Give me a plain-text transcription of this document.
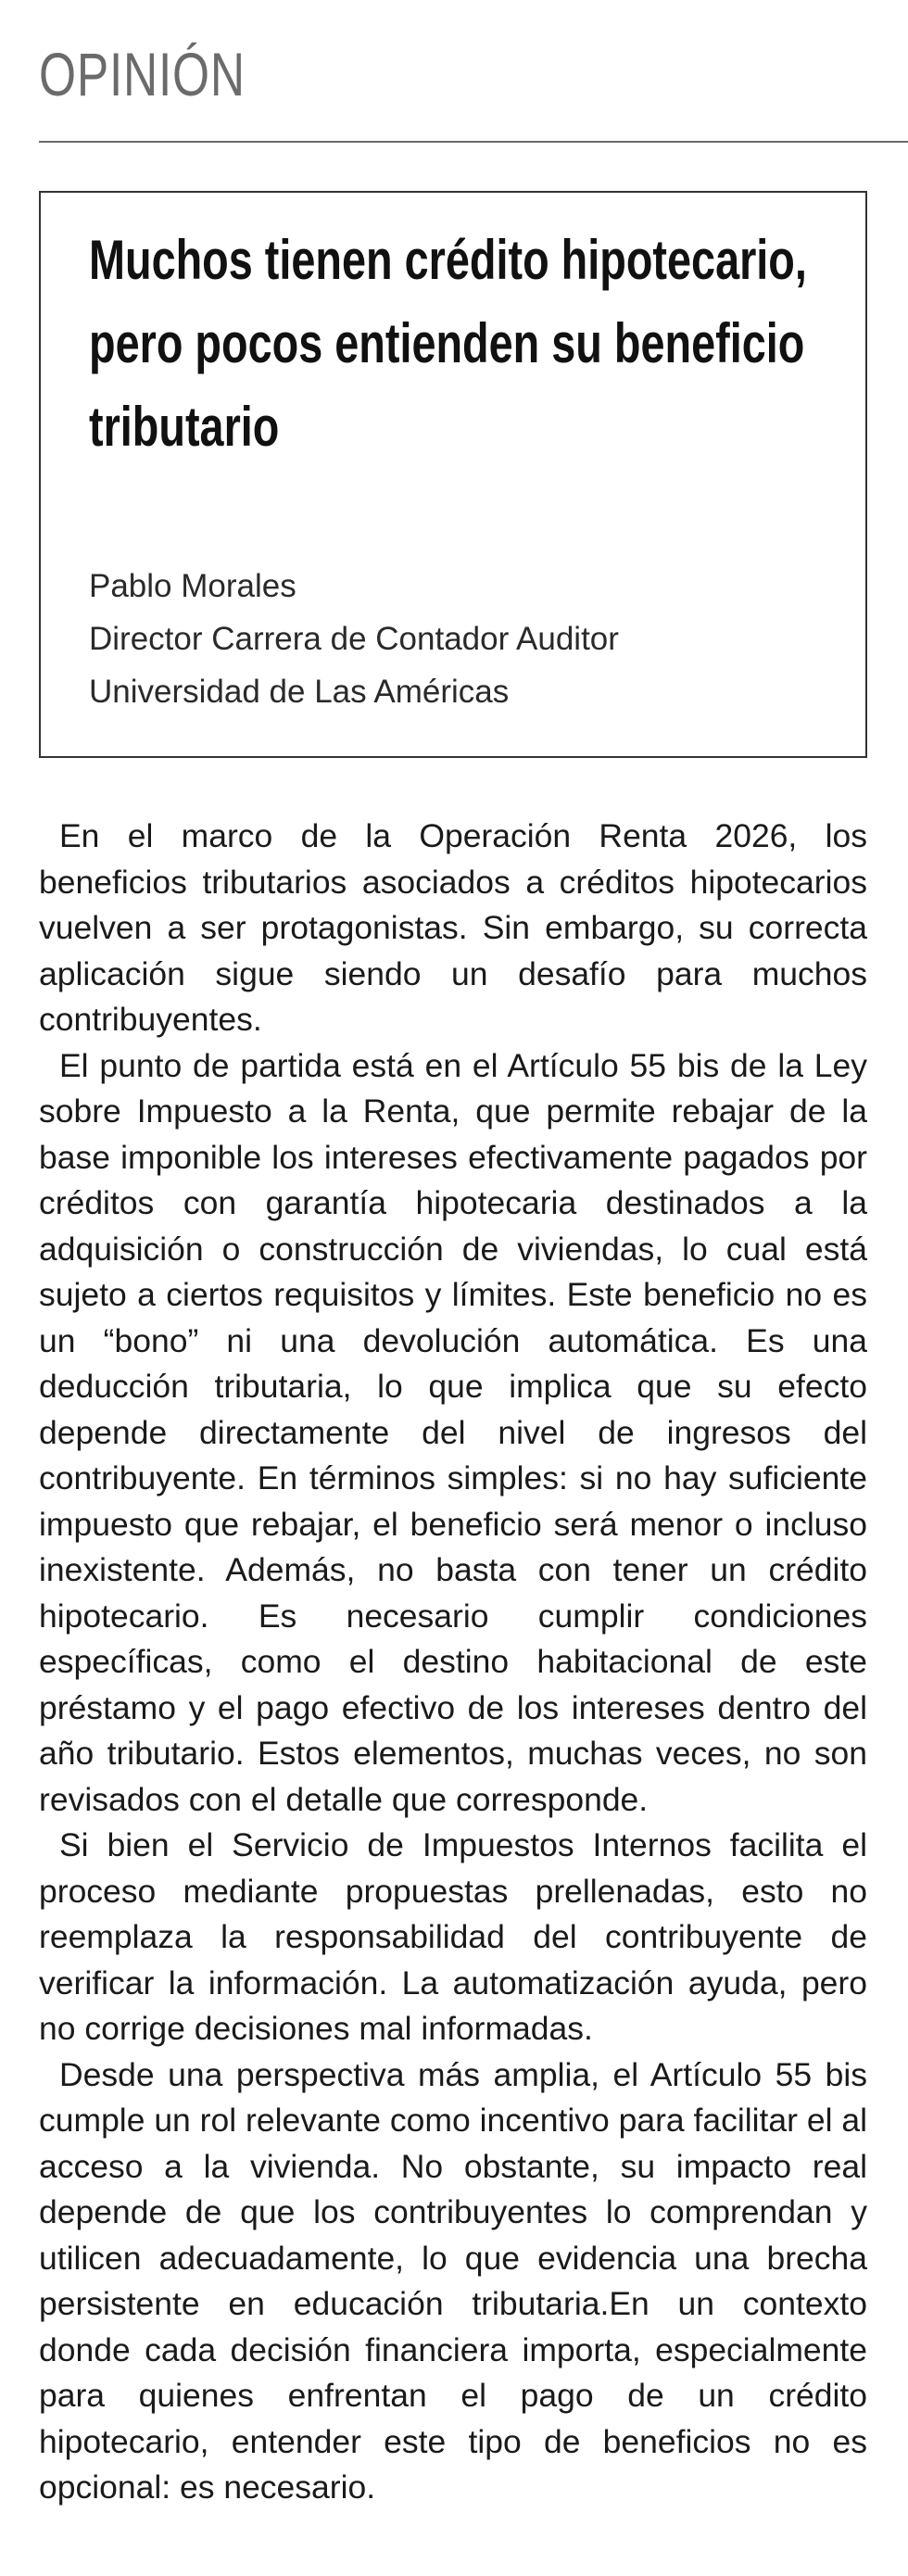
OPINIÓN
Muchos tienen crédito hipotecario, pero pocos entienden su beneficio tributario
Pablo Morales
Director Carrera de Contador Auditor
Universidad de Las Américas

En el marco de la Operación Renta 2026, los beneficios tributarios asociados a créditos hipotecarios vuelven a ser protagonistas. Sin embargo, su correcta aplicación sigue siendo un desafío para muchos contribuyentes.

El punto de partida está en el Artículo 55 bis de la Ley sobre Impuesto a la Renta, que permite rebajar de la base imponible los intereses efectivamente pagados por créditos con garantía hipotecaria destinados a la adquisición o construcción de viviendas, lo cual está sujeto a ciertos requisitos y límites. Este beneficio no es un “bono” ni una devolución automática. Es una deducción tributaria, lo que implica que su efecto depende directamente del nivel de ingresos del contribuyente. En términos simples: si no hay suficiente impuesto que rebajar, el beneficio será menor o incluso inexistente. Además, no basta con tener un crédito hipotecario. Es necesario cumplir condiciones específicas, como el destino habitacional de este préstamo y el pago efectivo de los intereses dentro del año tributario. Estos elementos, muchas veces, no son revisados con el detalle que corresponde.

Si bien el Servicio de Impuestos Internos facilita el proceso mediante propuestas prellenadas, esto no reemplaza la responsabilidad del contribuyente de verificar la información. La automatización ayuda, pero no corrige decisiones mal informadas.

Desde una perspectiva más amplia, el Artículo 55 bis cumple un rol relevante como incentivo para facilitar el al acceso a la vivienda. No obstante, su impacto real depende de que los contribuyentes lo comprendan y utilicen adecuadamente, lo que evidencia una brecha persistente en educación tributaria.En un contexto donde cada decisión financiera importa, especialmente para quienes enfrentan el pago de un crédito hipotecario, entender este tipo de beneficios no es opcional: es necesario.
